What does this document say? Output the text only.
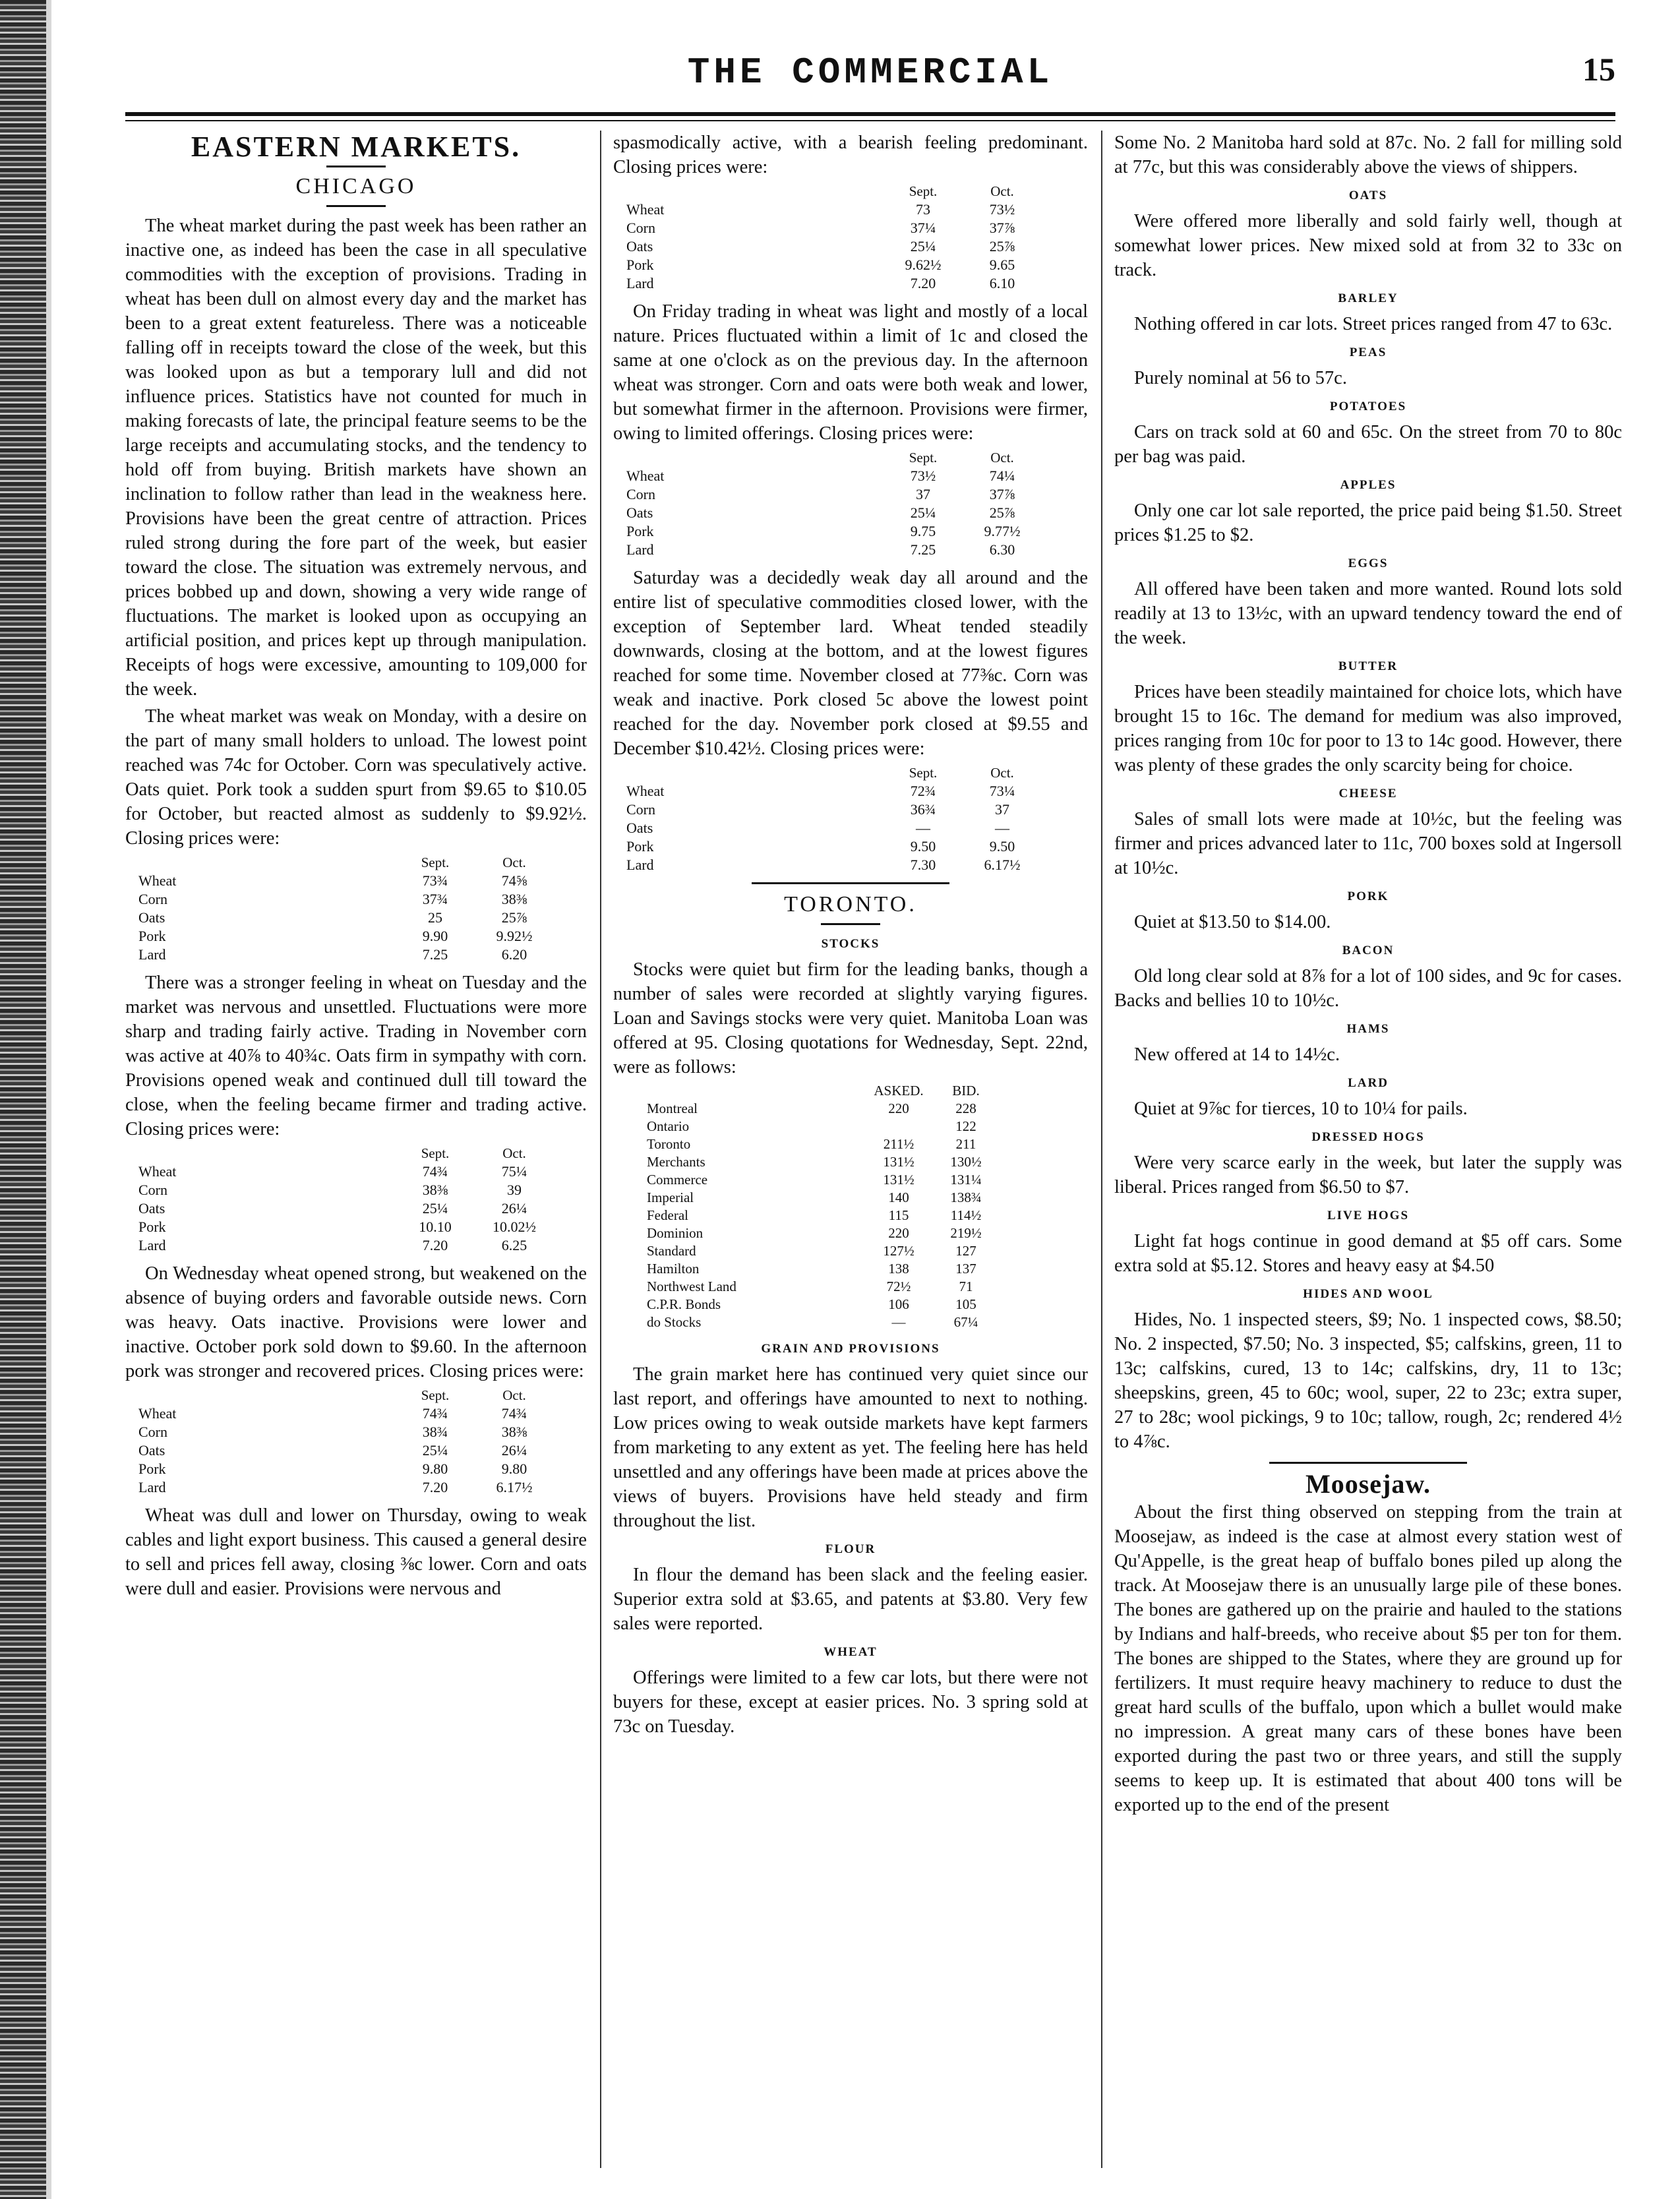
THE COMMERCIAL	15
EASTERN MARKETS.
CHICAGO

The wheat market during the past week has been rather an inactive one, as indeed has been the case in all speculative commodities with the exception of provisions. Trading in wheat has been dull on almost every day and the market has been to a great extent featureless. There was a noticeable falling off in receipts toward the close of the week, but this was looked upon as but a temporary lull and did not influence prices. Statistics have not counted for much in making forecasts of late, the principal feature seems to be the large receipts and accumulating stocks, and the tendency to hold off from buying. British markets have shown an inclination to follow rather than lead in the weakness here. Provisions have been the great centre of attraction. Prices ruled strong during the fore part of the week, but easier toward the close. The situation was extremely nervous, and prices bobbed up and down, showing a very wide range of fluctuations. The market is looked upon as occupying an artificial position, and prices kept up through manipulation. Receipts of hogs were excessive, amounting to 109,000 for the week.

The wheat market was weak on Monday, with a desire on the part of many small holders to unload. The lowest point reached was 74c for October. Corn was speculatively active. Oats quiet. Pork took a sudden spurt from $9.65 to $10.05 for October, but reacted almost as suddenly to $9.92½. Closing prices were:

	Sept.	Oct.
Wheat	73¾	74⅝
Corn	37¾	38⅜
Oats	25	25⅞
Pork	9.90	9.92½
Lard	7.25	6.20

There was a stronger feeling in wheat on Tuesday and the market was nervous and unsettled. Fluctuations were more sharp and trading fairly active. Trading in November corn was active at 40⅞ to 40¾c. Oats firm in sympathy with corn. Provisions opened weak and continued dull till toward the close, when the feeling became firmer and trading active. Closing prices were:

	Sept.	Oct.
Wheat	74¾	75¼
Corn	38⅜	39
Oats	25¼	26¼
Pork	10.10	10.02½
Lard	7.20	6.25

On Wednesday wheat opened strong, but weakened on the absence of buying orders and favorable outside news. Corn was heavy. Oats inactive. Provisions were lower and inactive. October pork sold down to $9.60. In the afternoon pork was stronger and recovered prices. Closing prices were:

	Sept.	Oct.
Wheat	74¾	74¾
Corn	38¾	38⅜
Oats	25¼	26¼
Pork	9.80	9.80
Lard	7.20	6.17½

Wheat was dull and lower on Thursday, owing to weak cables and light export business. This caused a general desire to sell and prices fell away, closing ⅜c lower. Corn and oats were dull and easier. Provisions were nervous and

spasmodically active, with a bearish feeling predominant. Closing prices were:

	Sept.	Oct.
Wheat	73	73½
Corn	37¼	37⅞
Oats	25¼	25⅞
Pork	9.62½	9.65
Lard	7.20	6.10

On Friday trading in wheat was light and mostly of a local nature. Prices fluctuated within a limit of 1c and closed the same at one o'clock as on the previous day. In the afternoon wheat was stronger. Corn and oats were both weak and lower, but somewhat firmer in the afternoon. Provisions were firmer, owing to limited offerings. Closing prices were:

	Sept.	Oct.
Wheat	73½	74¼
Corn	37	37⅞
Oats	25¼	25⅞
Pork	9.75	9.77½
Lard	7.25	6.30

Saturday was a decidedly weak day all around and the entire list of speculative commodities closed lower, with the exception of September lard. Wheat tended steadily downwards, closing at the bottom, and at the lowest figures reached for some time. November closed at 77⅜c. Corn was weak and inactive. Pork closed 5c above the lowest point reached for the day. November pork closed at $9.55 and December $10.42½. Closing prices were:

	Sept.	Oct.
Wheat	72¾	73¼
Corn	36¾	37
Oats	—	—
Pork	9.50	9.50
Lard	7.30	6.17½
TORONTO.
STOCKS

Stocks were quiet but firm for the leading banks, though a number of sales were recorded at slightly varying figures. Loan and Savings stocks were very quiet. Manitoba Loan was offered at 95. Closing quotations for Wednesday, Sept. 22nd, were as follows:

	ASKED.	BID.
Montreal	220	228
Ontario		122
Toronto	211½	211
Merchants	131½	130½
Commerce	131½	131¼
Imperial	140	138¾
Federal	115	114½
Dominion	220	219½
Standard	127½	127
Hamilton	138	137
Northwest Land	72½	71
C.P.R. Bonds	106	105
do Stocks	—	67¼
GRAIN AND PROVISIONS

The grain market here has continued very quiet since our last report, and offerings have amounted to next to nothing. Low prices owing to weak outside markets have kept farmers from marketing to any extent as yet. The feeling here has held unsettled and any offerings have been made at prices above the views of buyers. Provisions have held steady and firm throughout the list.

FLOUR

In flour the demand has been slack and the feeling easier. Superior extra sold at $3.65, and patents at $3.80. Very few sales were reported.

WHEAT

Offerings were limited to a few car lots, but there were not buyers for these, except at easier prices. No. 3 spring sold at 73c on Tuesday.

Some No. 2 Manitoba hard sold at 87c. No. 2 fall for milling sold at 77c, but this was considerably above the views of shippers.

OATS

Were offered more liberally and sold fairly well, though at somewhat lower prices. New mixed sold at from 32 to 33c on track.

BARLEY

Nothing offered in car lots. Street prices ranged from 47 to 63c.

PEAS

Purely nominal at 56 to 57c.

POTATOES

Cars on track sold at 60 and 65c. On the street from 70 to 80c per bag was paid.

APPLES

Only one car lot sale reported, the price paid being $1.50. Street prices $1.25 to $2.

EGGS

All offered have been taken and more wanted. Round lots sold readily at 13 to 13½c, with an upward tendency toward the end of the week.

BUTTER

Prices have been steadily maintained for choice lots, which have brought 15 to 16c. The demand for medium was also improved, prices ranging from 10c for poor to 13 to 14c good. However, there was plenty of these grades the only scarcity being for choice.

CHEESE

Sales of small lots were made at 10½c, but the feeling was firmer and prices advanced later to 11c, 700 boxes sold at Ingersoll at 10½c.

PORK

Quiet at $13.50 to $14.00.

BACON

Old long clear sold at 8⅞ for a lot of 100 sides, and 9c for cases. Backs and bellies 10 to 10½c.

HAMS

New offered at 14 to 14½c.

LARD

Quiet at 9⅞c for tierces, 10 to 10¼ for pails.

DRESSED HOGS

Were very scarce early in the week, but later the supply was liberal. Prices ranged from $6.50 to $7.

LIVE HOGS

Light fat hogs continue in good demand at $5 off cars. Some extra sold at $5.12. Stores and heavy easy at $4.50

HIDES AND WOOL

Hides, No. 1 inspected steers, $9; No. 1 inspected cows, $8.50; No. 2 inspected, $7.50; No. 3 inspected, $5; calfskins, green, 11 to 13c; calfskins, cured, 13 to 14c; calfskins, dry, 11 to 13c; sheepskins, green, 45 to 60c; wool, super, 22 to 23c; extra super, 27 to 28c; wool pickings, 9 to 10c; tallow, rough, 2c; rendered 4½ to 4⅞c.

Moosejaw.

About the first thing observed on stepping from the train at Moosejaw, as indeed is the case at almost every station west of Qu'Appelle, is the great heap of buffalo bones piled up along the track. At Moosejaw there is an unusually large pile of these bones. The bones are gathered up on the prairie and hauled to the stations by Indians and half-breeds, who receive about $5 per ton for them. The bones are shipped to the States, where they are ground up for fertilizers. It must require heavy machinery to reduce to dust the great hard sculls of the buffalo, upon which a bullet would make no impression. A great many cars of these bones have been exported during the past two or three years, and still the supply seems to keep up. It is estimated that about 400 tons will be exported up to the end of the present
